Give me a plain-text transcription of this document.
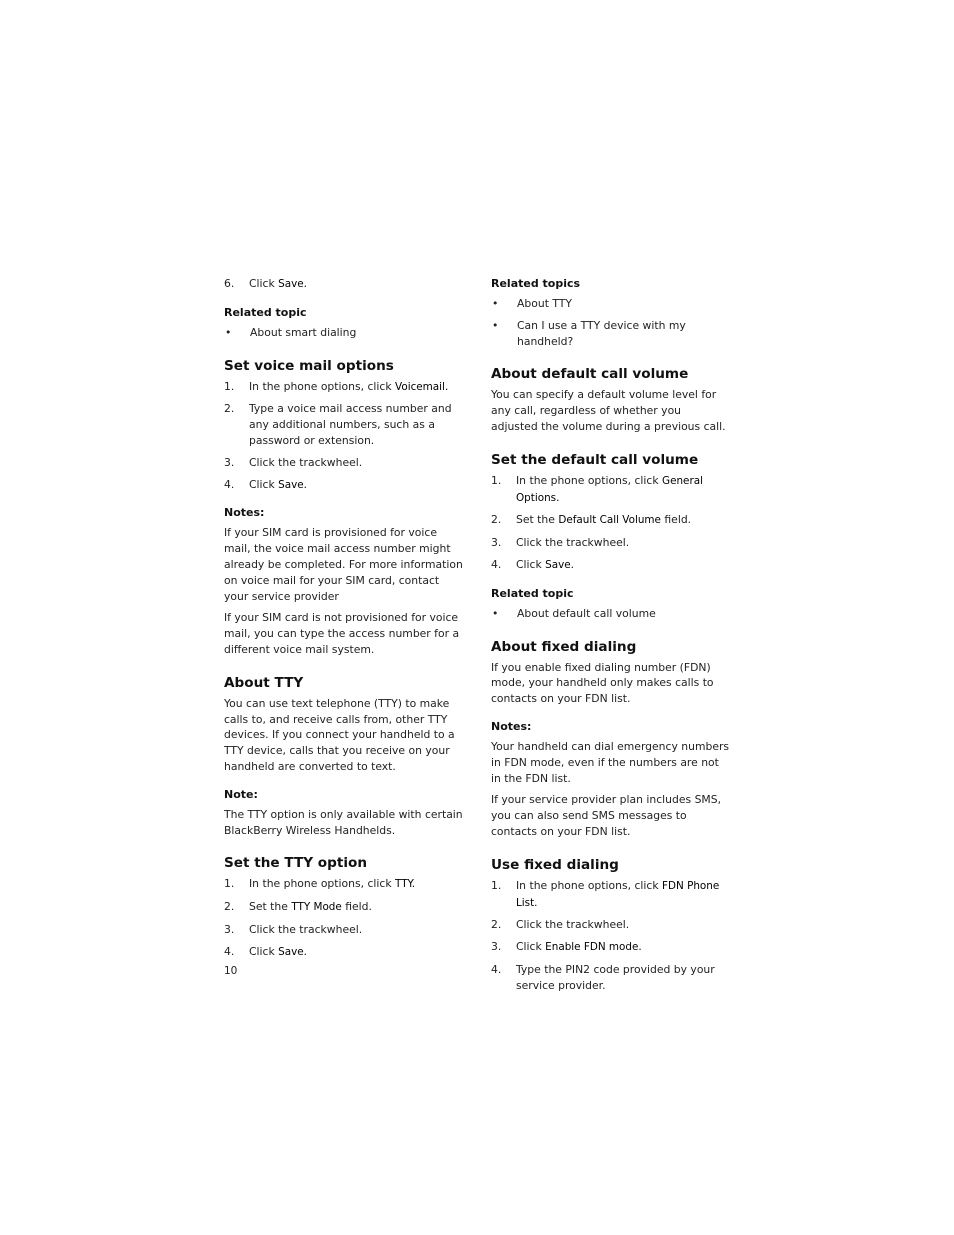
6.	Click Save.
Related topic
•	About smart dialing
Set voice mail options
1.	In the phone options, click Voicemail.
2.	Type a voice mail access number and any additional numbers, such as a password or extension.
3.	Click the trackwheel.
4.	Click Save.
Notes:
If your SIM card is provisioned for voice mail, the voice mail access number might already be completed. For more information on voice mail for your SIM card, contact your service provider
If your SIM card is not provisioned for voice mail, you can type the access number for a different voice mail system.
About TTY
You can use text telephone (TTY) to make calls to, and receive calls from, other TTY devices. If you connect your handheld to a TTY device, calls that you receive on your handheld are converted to text.
Note:
The TTY option is only available with certain BlackBerry Wireless Handhelds.
Set the TTY option
1.	In the phone options, click TTY.
2.	Set the TTY Mode field.
3.	Click the trackwheel.
4.	Click Save.
Related topics
•	About TTY
•	Can I use a TTY device with my handheld?
About default call volume
You can specify a default volume level for any call, regardless of whether you adjusted the volume during a previous call.
Set the default call volume
1.	In the phone options, click General Options.
2.	Set the Default Call Volume field.
3.	Click the trackwheel.
4.	Click Save.
Related topic
•	About default call volume
About fixed dialing
If you enable fixed dialing number (FDN) mode, your handheld only makes calls to contacts on your FDN list.
Notes:
Your handheld can dial emergency numbers in FDN mode, even if the numbers are not in the FDN list.
If your service provider plan includes SMS, you can also send SMS messages to contacts on your FDN list.
Use fixed dialing
1.	In the phone options, click FDN Phone List.
2.	Click the trackwheel.
3.	Click Enable FDN mode.
4.	Type the PIN2 code provided by your service provider.
10
